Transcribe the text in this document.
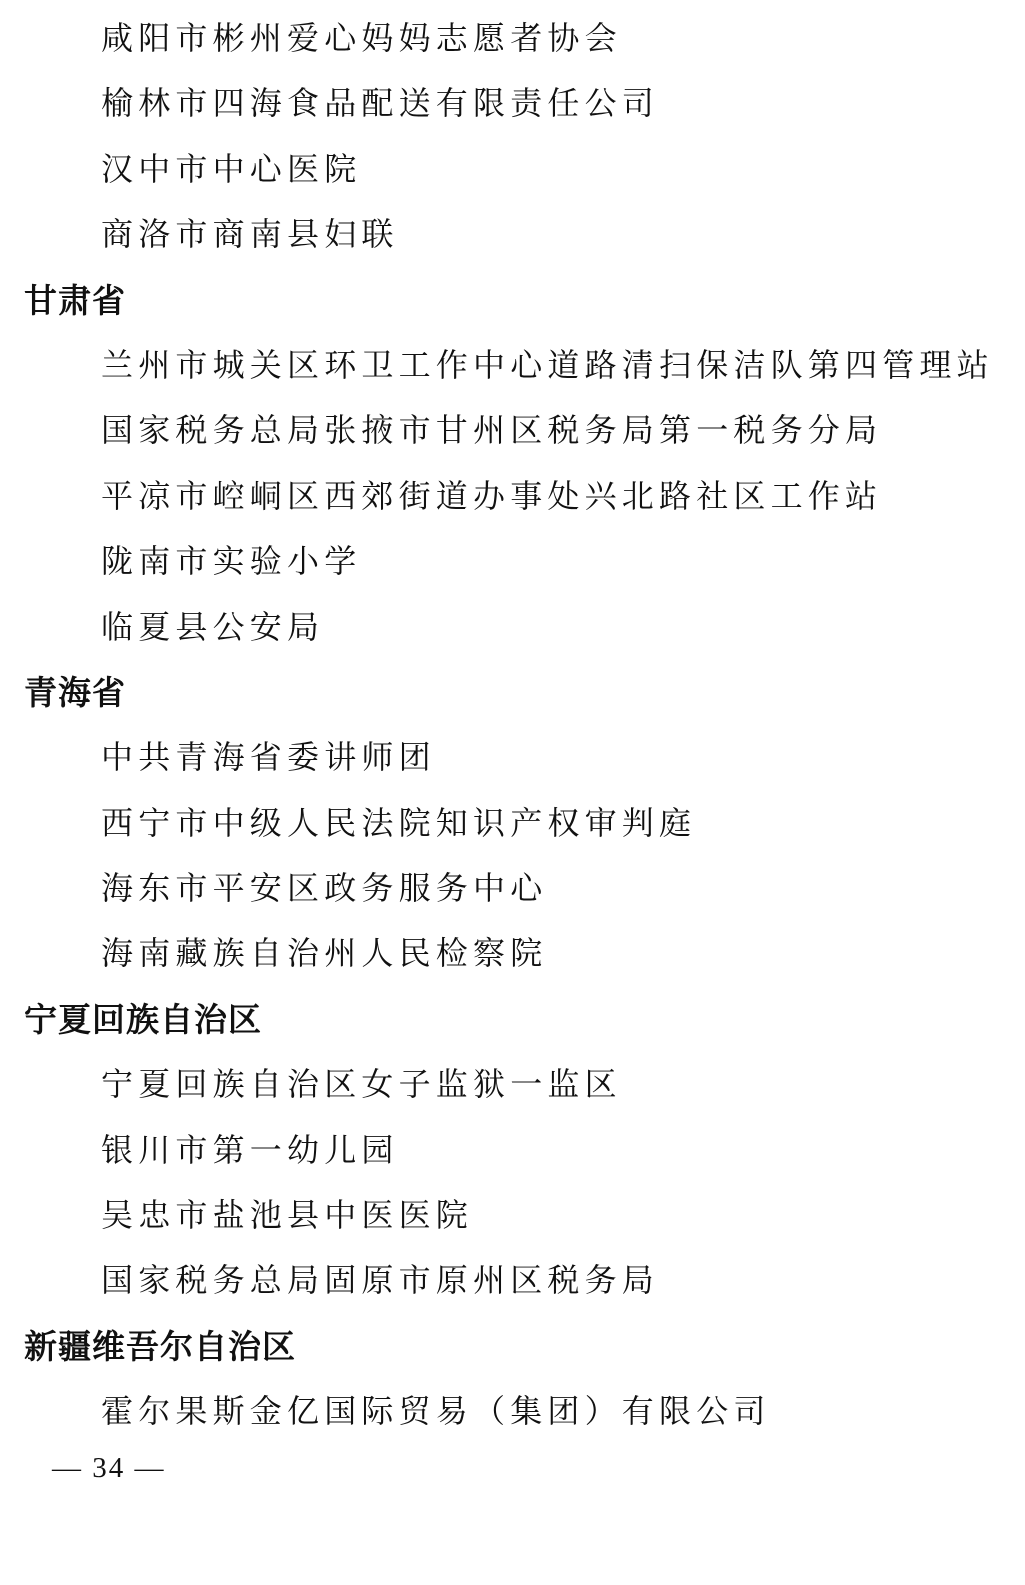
咸阳市彬州爱心妈妈志愿者协会
榆林市四海食品配送有限责任公司
汉中市中心医院
商洛市商南县妇联
甘肃省
兰州市城关区环卫工作中心道路清扫保洁队第四管理站
国家税务总局张掖市甘州区税务局第一税务分局
平凉市崆峒区西郊街道办事处兴北路社区工作站
陇南市实验小学
临夏县公安局
青海省
中共青海省委讲师团
西宁市中级人民法院知识产权审判庭
海东市平安区政务服务中心
海南藏族自治州人民检察院
宁夏回族自治区
宁夏回族自治区女子监狱一监区
银川市第一幼儿园
吴忠市盐池县中医医院
国家税务总局固原市原州区税务局
新疆维吾尔自治区
霍尔果斯金亿国际贸易（集团）有限公司
— 34 —
